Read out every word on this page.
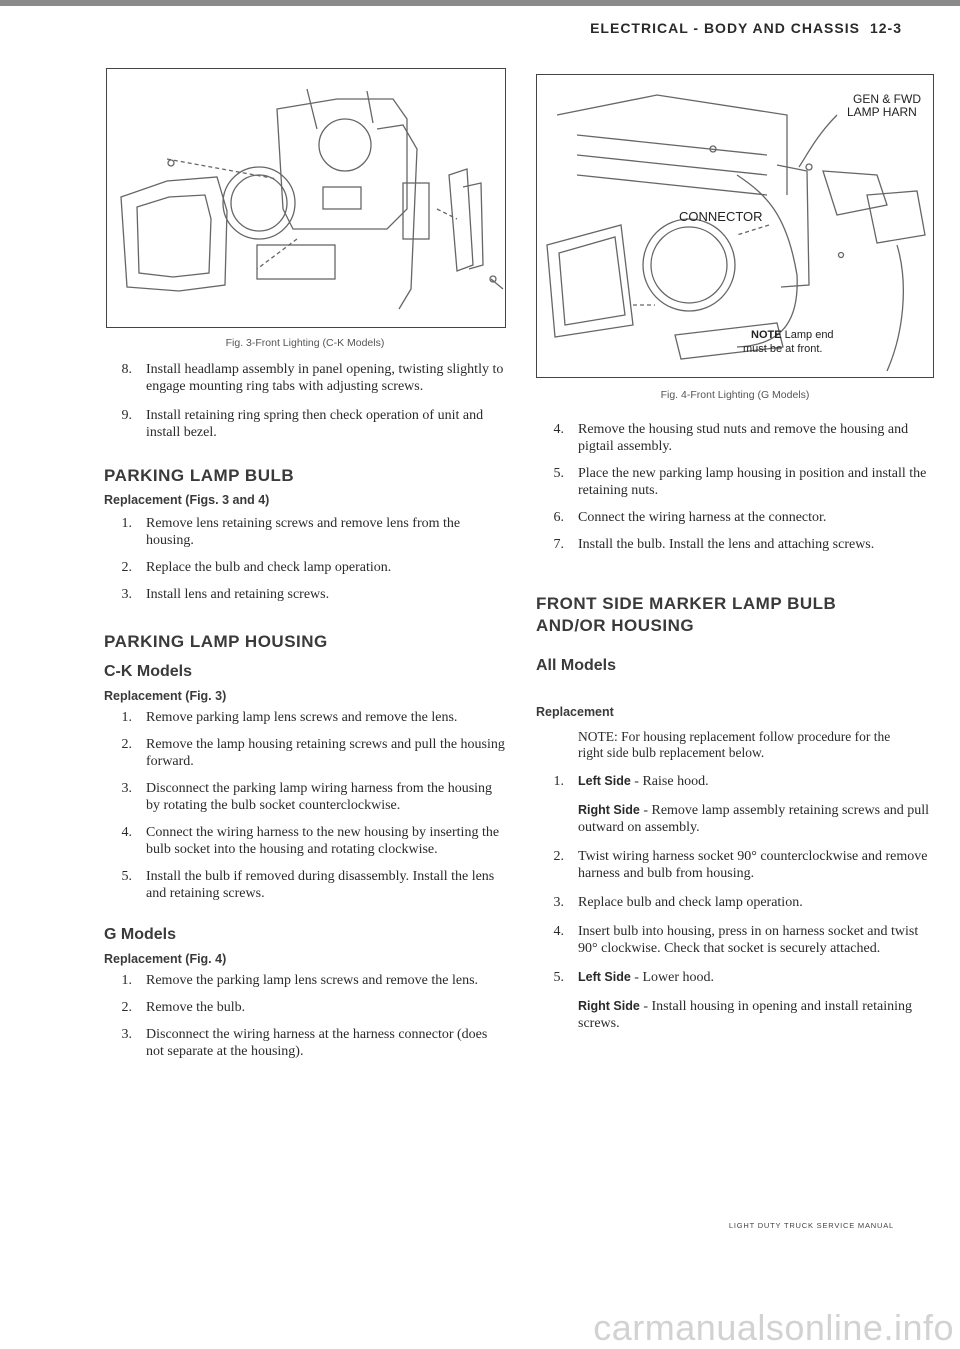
ELECTRICAL - BODY AND CHASSIS 12-3
Fig. 3-Front Lighting (C-K Models)
8. Install headlamp assembly in panel opening, twisting slightly to engage mounting ring tabs with adjusting screws.
9. Install retaining ring spring then check operation of unit and install bezel.
PARKING LAMP BULB
Replacement (Figs. 3 and 4)
1. Remove lens retaining screws and remove lens from the housing.
2. Replace the bulb and check lamp operation.
3. Install lens and retaining screws.
PARKING LAMP HOUSING
C-K Models
Replacement (Fig. 3)
1. Remove parking lamp lens screws and remove the lens.
2. Remove the lamp housing retaining screws and pull the housing forward.
3. Disconnect the parking lamp wiring harness from the housing by rotating the bulb socket counterclockwise.
4. Connect the wiring harness to the new housing by inserting the bulb socket into the housing and rotating clockwise.
5. Install the bulb if removed during disassembly. Install the lens and retaining screws.
G Models
Replacement (Fig. 4)
1. Remove the parking lamp lens screws and remove the lens.
2. Remove the bulb.
3. Disconnect the wiring harness at the harness connector (does not separate at the housing).
GEN & FWD
LAMP HARN
CONNECTOR
NOTE Lamp end
must be at front.
Fig. 4-Front Lighting (G Models)
4. Remove the housing stud nuts and remove the housing and pigtail assembly.
5. Place the new parking lamp housing in position and install the retaining nuts.
6. Connect the wiring harness at the connector.
7. Install the bulb. Install the lens and attaching screws.
FRONT SIDE MARKER LAMP BULB
AND/OR HOUSING
All Models
Replacement
NOTE: For housing replacement follow procedure for the right side bulb replacement below.
1. Left Side - Raise hood.
Right Side - Remove lamp assembly retaining screws and pull outward on assembly.
2. Twist wiring harness socket 90° counterclockwise and remove harness and bulb from housing.
3. Replace bulb and check lamp operation.
4. Insert bulb into housing, press in on harness socket and twist 90° clockwise. Check that socket is securely attached.
5. Left Side - Lower hood.
Right Side - Install housing in opening and install retaining screws.
LIGHT DUTY TRUCK SERVICE MANUAL
carmanualsonline.info
